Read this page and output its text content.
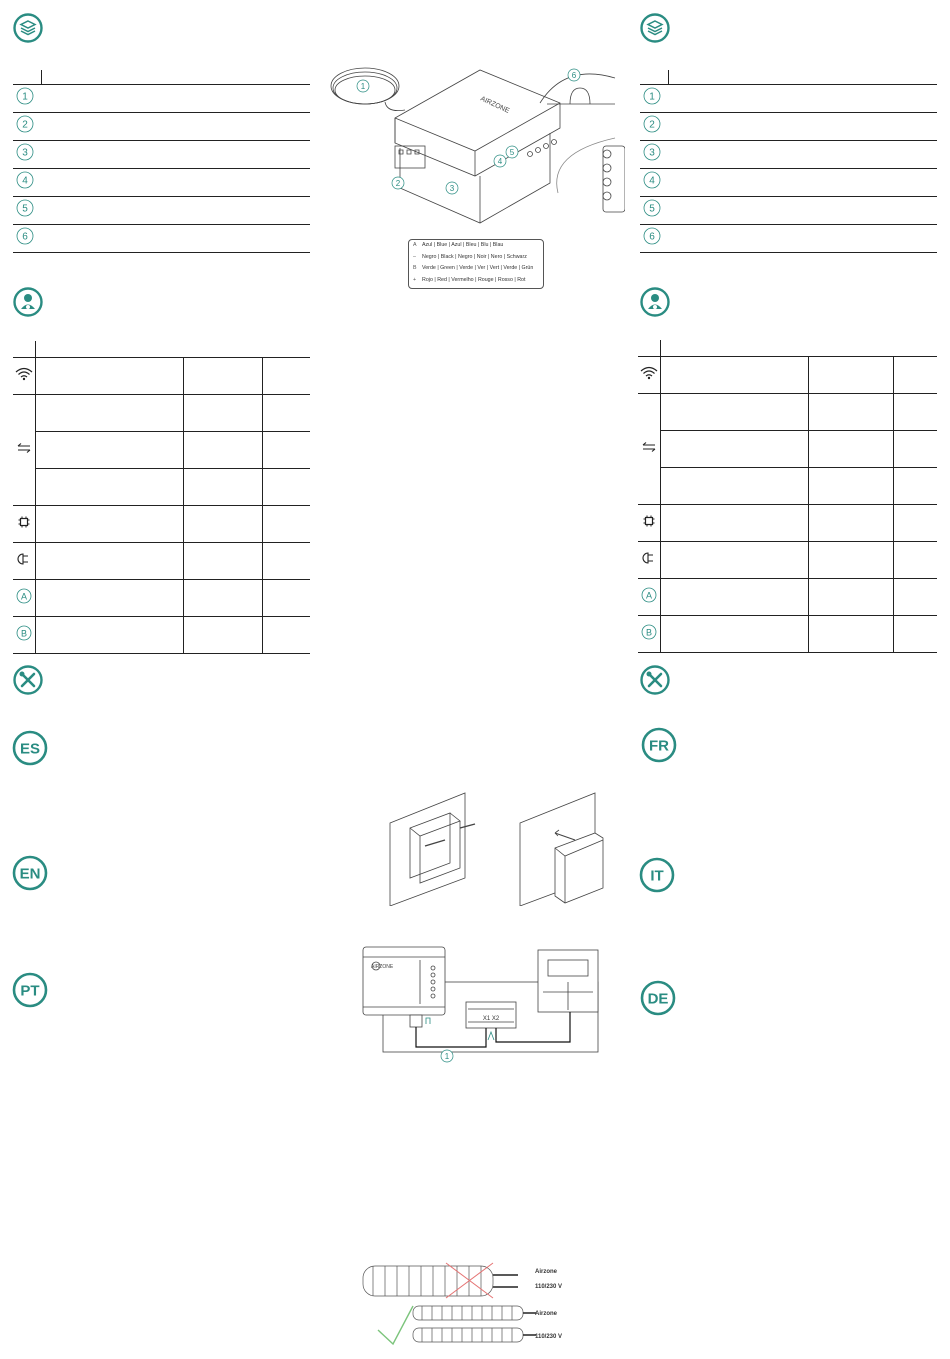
1	

2	

3	

4	

5	

6	

A			

B			

ES
EN
PT

1	

2	

3	

4	

5	

6	

A			

B			

FR
IT
DE
AIRZONE
1
2
3
4
5
6
A Azul | Blue | Azul | Bleu | Blu | Blau
– Negro | Black | Negro | Noir | Nero | Schwarz
B Verde | Green | Verde | Ver | Vert | Verde | Grün
+ Rojo | Red | Vermelho | Rouge | Rosso | Rot
AIRZONE
X1 X2
1
Airzone
110/230 V
Airzone
110/230 V
